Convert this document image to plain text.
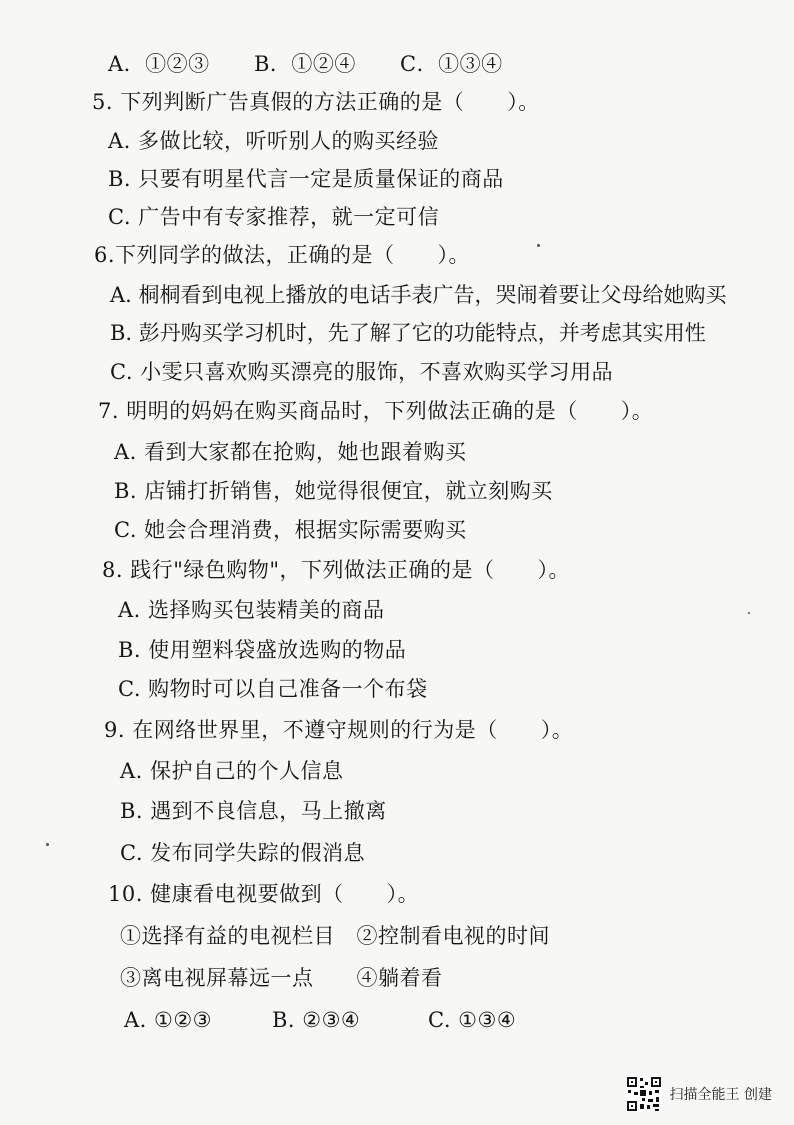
A．①②③ B．①②④ C．①③④
5. 下列判断广告真假的方法正确的是（　　）。
A. 多做比较，听听别人的购买经验
B. 只要有明星代言一定是质量保证的商品
C. 广告中有专家推荐，就一定可信
6.下列同学的做法，正确的是（　　）。
A. 桐桐看到电视上播放的电话手表广告，哭闹着要让父母给她购买
B. 彭丹购买学习机时，先了解了它的功能特点，并考虑其实用性
C. 小雯只喜欢购买漂亮的服饰，不喜欢购买学习用品
7. 明明的妈妈在购买商品时，下列做法正确的是（　　）。
A. 看到大家都在抢购，她也跟着购买
B. 店铺打折销售，她觉得很便宜，就立刻购买
C. 她会合理消费，根据实际需要购买
8. 践行"绿色购物"，下列做法正确的是（　　）。
A. 选择购买包装精美的商品
B. 使用塑料袋盛放选购的物品
C. 购物时可以自己准备一个布袋
9. 在网络世界里，不遵守规则的行为是（　　）。
A. 保护自己的个人信息
B. 遇到不良信息，马上撤离
C. 发布同学失踪的假消息
10. 健康看电视要做到（　　）。
①选择有益的电视栏目　②控制看电视的时间
③离电视屏幕远一点　　④躺着看
A. ①②③	B. ②③④	C. ①③④
扫描全能王 创建
